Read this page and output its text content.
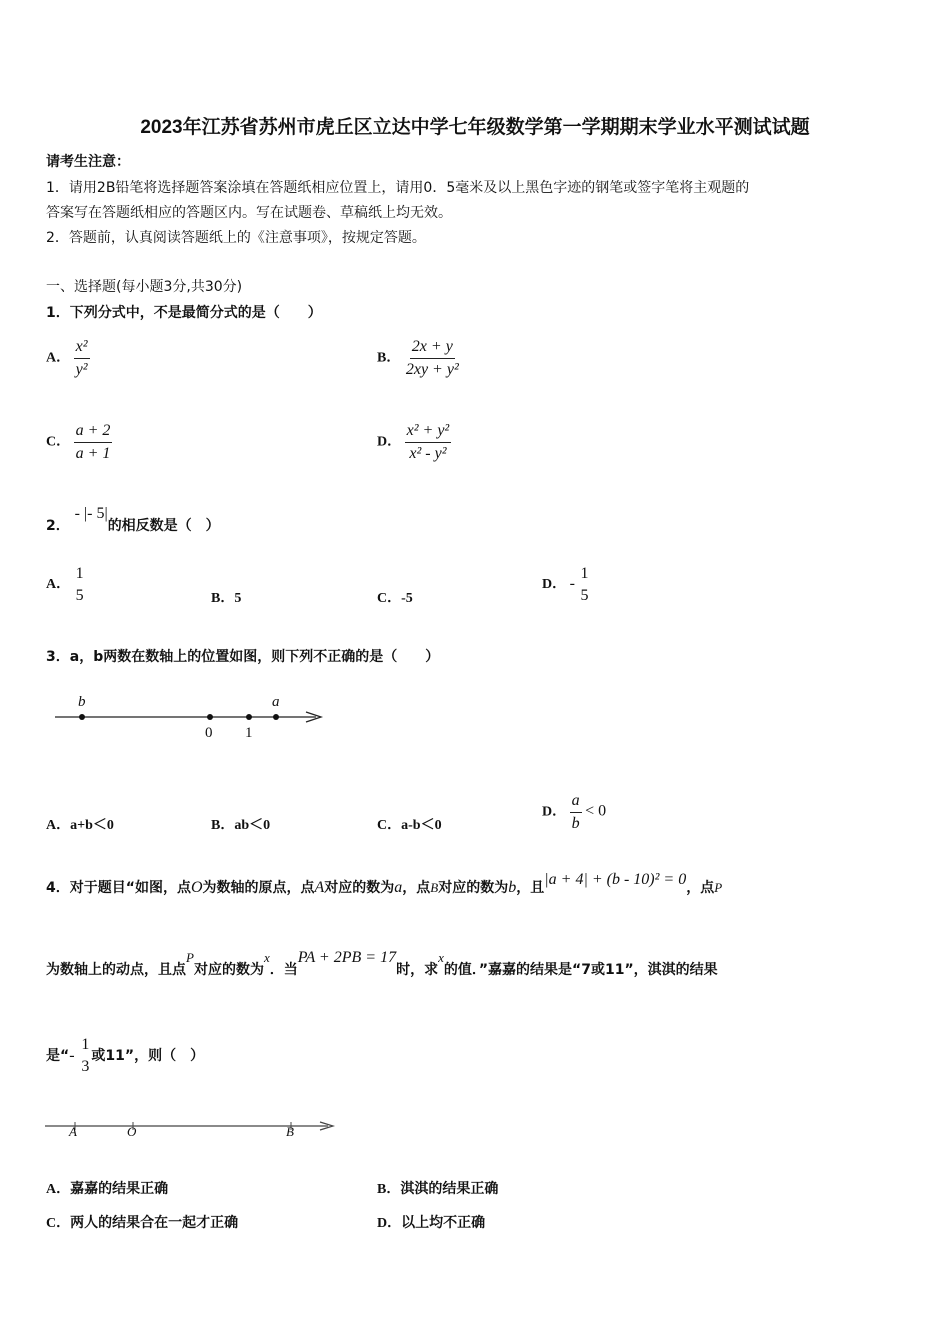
2023年江苏省苏州市虎丘区立达中学七年级数学第一学期期末学业水平测试试题
请考生注意：
1．请用2B铅笔将选择题答案涂填在答题纸相应位置上，请用0．5毫米及以上黑色字迹的钢笔或签字笔将主观题的
答案写在答题纸相应的答题区内。写在试题卷、草稿纸上均无效。
2．答题前，认真阅读答题纸上的《注意事项》，按规定答题。
一、选择题(每小题3分,共30分)
1．下列分式中，不是最简分式的是（　　）
A． $\frac{\text{x²}}{\text{y²}}$	B． $\frac{2x + y}{\text{2xy + y²}}$
C． $\frac{a + 2}{a + 1}$	D． $\frac{\text{x² + y²}}{\text{x² - y²}}$
2． - |- 5|的相反数是（　）
A．
1
5	B．5	C．-5
D． -
1
5
3．a，b两数在数轴上的位置如图，则下列不正确的是（　　）
b	a
0 1
A．a+b＜0	B．ab＜0	C．a-b＜0
D． $\frac{a}{b} < 0$
4．对于题目“如图，点O为数轴的原点，点A对应的数为a，点B对应的数为b，且|a + 4| + (b - 10)² = 0，点P
为数轴上的动点，且点P对应的数为x．当PA + 2PB = 17时，求x的值．”嘉嘉的结果是“7或11”，淇淇的结果
是“-
1
3
或11”，则（　）
A	O	B
A．嘉嘉的结果正确	B．淇淇的结果正确
C．两人的结果合在一起才正确	D．以上均不正确
